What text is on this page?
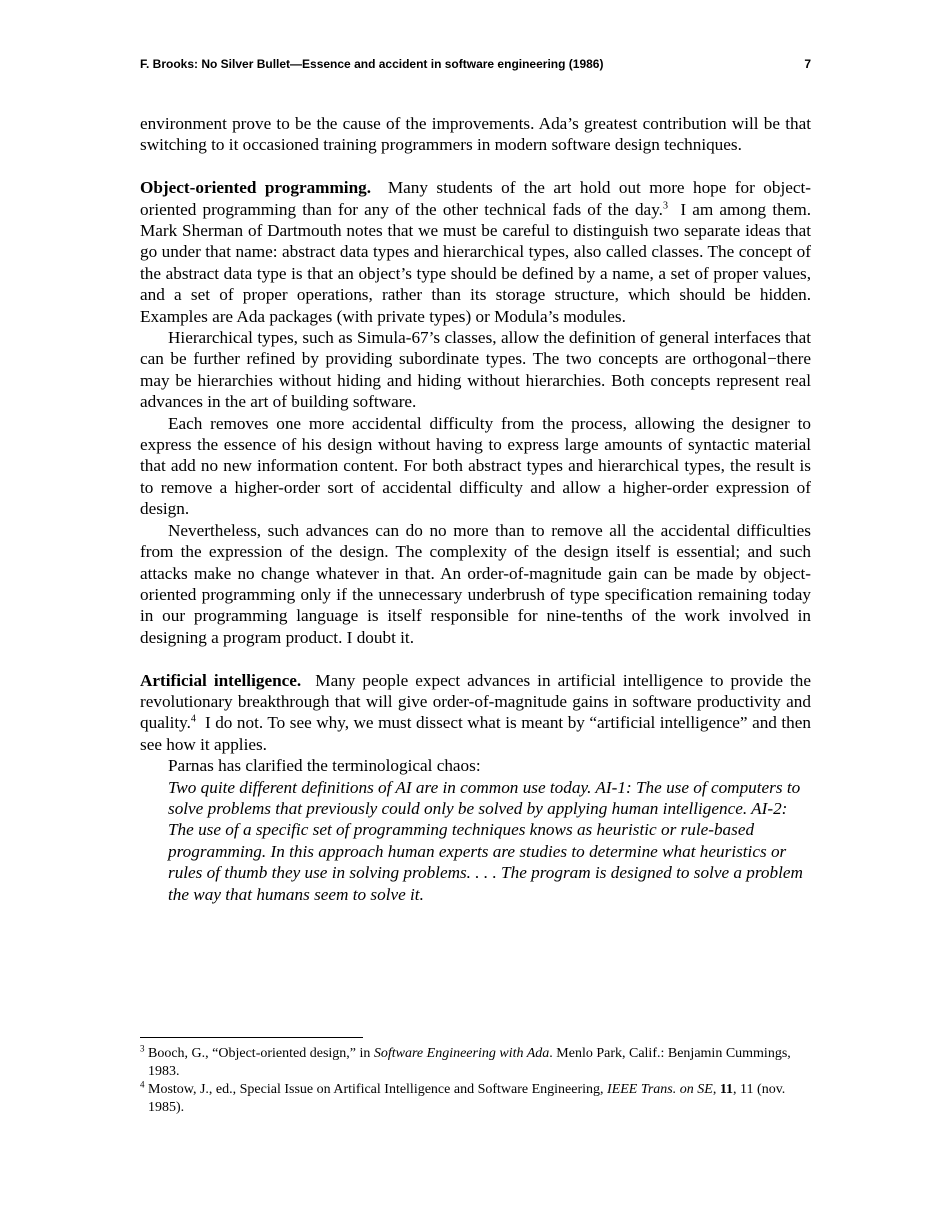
F. Brooks: No Silver Bullet—Essence and accident in software engineering (1986)	7

environment prove to be the cause of the improvements. Ada’s greatest contribution will be that switching to it occasioned training programmers in modern software design techniques.

Object-oriented programming. Many students of the art hold out more hope for object-oriented programming than for any of the other technical fads of the day.$^3$ I am among them. Mark Sherman of Dartmouth notes that we must be careful to distinguish two separate ideas that go under that name: abstract data types and hierarchical types, also called classes. The concept of the abstract data type is that an object’s type should be defined by a name, a set of proper values, and a set of proper operations, rather than its storage structure, which should be hidden. Examples are Ada packages (with private types) or Modula’s modules.

Hierarchical types, such as Simula-67’s classes, allow the definition of general interfaces that can be further refined by providing subordinate types. The two concepts are orthogonal−there may be hierarchies without hiding and hiding without hierarchies. Both concepts represent real advances in the art of building software.

Each removes one more accidental difficulty from the process, allowing the designer to express the essence of his design without having to express large amounts of syntactic material that add no new information content. For both abstract types and hierarchical types, the result is to remove a higher-order sort of accidental difficulty and allow a higher-order expression of design.

Nevertheless, such advances can do no more than to remove all the accidental difficulties from the expression of the design. The complexity of the design itself is essential; and such attacks make no change whatever in that. An order-of-magnitude gain can be made by object-oriented programming only if the unnecessary underbrush of type specification remaining today in our programming language is itself responsible for nine-tenths of the work involved in designing a program product. I doubt it.

Artificial intelligence. Many people expect advances in artificial intelligence to provide the revolutionary breakthrough that will give order-of-magnitude gains in software productivity and quality.$^4$ I do not. To see why, we must dissect what is meant by “artificial intelligence” and then see how it applies.

Parnas has clarified the terminological chaos:

Two quite different definitions of AI are in common use today. AI-1: The use of computers to solve problems that previously could only be solved by applying human intelligence. AI-2: The use of a specific set of programming techniques knows as heuristic or rule-based programming. In this approach human experts are studies to determine what heuristics or rules of thumb they use in solving problems. . . . The program is designed to solve a problem the way that humans seem to solve it.

$^3$ Booch, G., “Object-oriented design,” in Software Engineering with Ada. Menlo Park, Calif.: Benjamin Cummings, 1983.

$^4$ Mostow, J., ed., Special Issue on Artifical Intelligence and Software Engineering, IEEE Trans. on SE, 11, 11 (nov. 1985).
